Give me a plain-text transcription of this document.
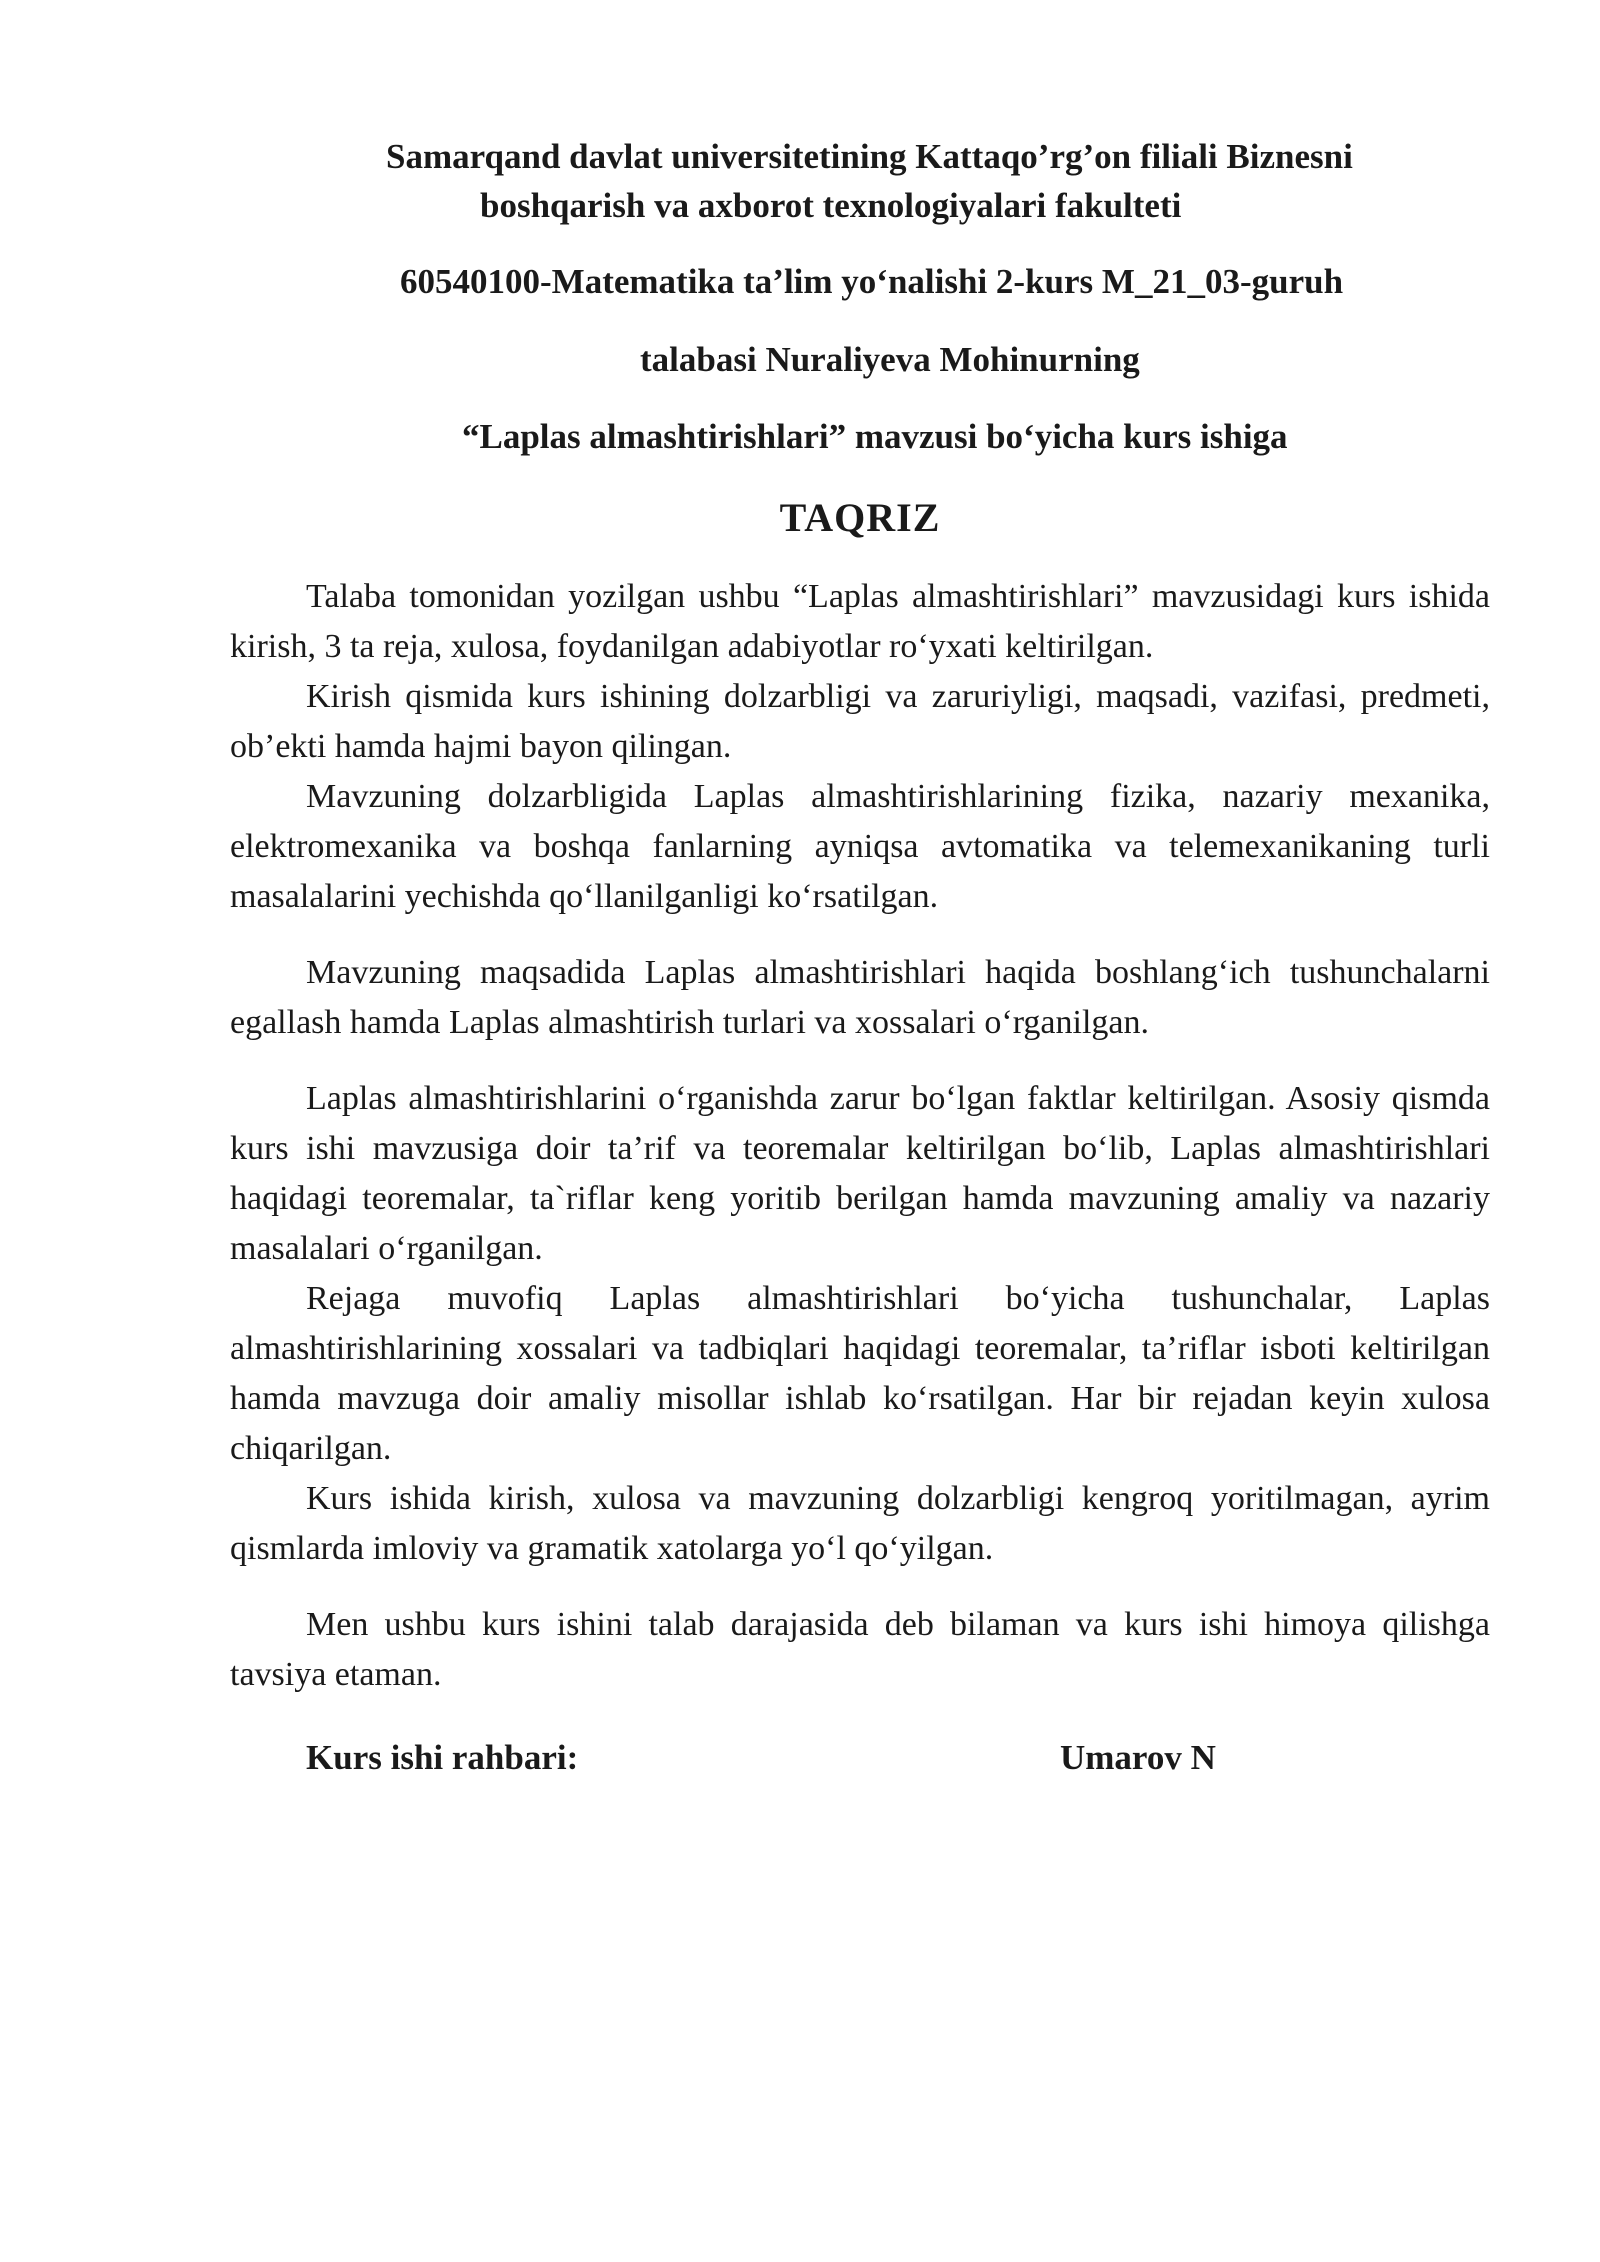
Samarqand davlat universitetining Kattaqo’rg’on filiali Biznesni
boshqarish va axborot texnologiyalari fakulteti
60540100-Matematika ta’lim yo‘nalishi 2-kurs M_21_03-guruh
talabasi Nuraliyeva Mohinurning
“Laplas almashtirishlari” mavzusi bo‘yicha kurs ishiga
TAQRIZ

Talaba tomonidan yozilgan ushbu “Laplas almashtirishlari” mavzusidagi kurs ishida kirish, 3 ta reja, xulosa, foydanilgan adabiyotlar ro‘yxati keltirilgan.

Kirish qismida kurs ishining dolzarbligi va zaruriyligi, maqsadi, vazifasi, predmeti, ob’ekti hamda hajmi bayon qilingan.

Mavzuning dolzarbligida Laplas almashtirishlarining fizika, nazariy mexanika, elektromexanika va boshqa fanlarning ayniqsa avtomatika va telemexanikaning turli masalalarini yechishda qo‘llanilganligi ko‘rsatilgan.

Mavzuning maqsadida Laplas almashtirishlari haqida boshlang‘ich tushunchalarni egallash hamda Laplas almashtirish turlari va xossalari o‘rganilgan.

Laplas almashtirishlarini o‘rganishda zarur bo‘lgan faktlar keltirilgan. Asosiy qismda kurs ishi mavzusiga doir ta’rif va teoremalar keltirilgan bo‘lib, Laplas almashtirishlari haqidagi teoremalar, ta`riflar keng yoritib berilgan hamda mavzuning amaliy va nazariy masalalari o‘rganilgan.

Rejaga muvofiq Laplas almashtirishlari bo‘yicha tushunchalar, Laplas almashtirishlarining xossalari va tadbiqlari haqidagi teoremalar, ta’riflar isboti keltirilgan hamda mavzuga doir amaliy misollar ishlab ko‘rsatilgan. Har bir rejadan keyin xulosa chiqarilgan.

Kurs ishida kirish, xulosa va mavzuning dolzarbligi kengroq yoritilmagan, ayrim qismlarda imloviy va gramatik xatolarga yo‘l qo‘yilgan.

Men ushbu kurs ishini talab darajasida deb bilaman va kurs ishi himoya qilishga tavsiya etaman.

Kurs ishi rahbari:	Umarov N
